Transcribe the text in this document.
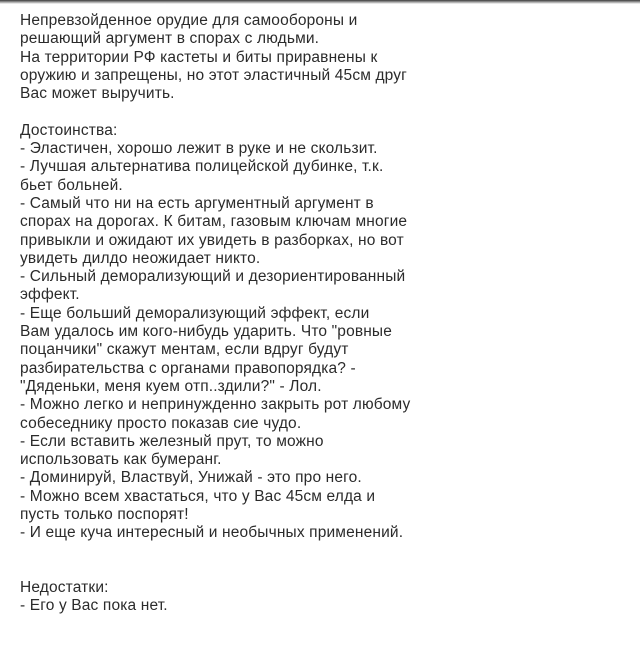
Непревзойденное орудие для самообороны и
решающий аргумент в спорах с людьми.
На территории РФ кастеты и биты приравнены к
оружию и запрещены, но этот эластичный 45см друг
Вас может выручить.
Достоинства:
- Эластичен, хорошо лежит в руке и не скользит.
- Лучшая альтернатива полицейской дубинке, т.к.
бьет больней.
- Самый что ни на есть аргументный аргумент в
спорах на дорогах. К битам, газовым ключам многие
привыкли и ожидают их увидеть в разборках, но вот
увидеть дилдо неожидает никто.
- Сильный деморализующий и дезориентированный
эффект.
- Еще больший деморализующий эффект, если
Вам удалось им кого-нибудь ударить. Что "ровные
поцанчики" скажут ментам, если вдруг будут
разбирательства с органами правопорядка? -
"Дяденьки, меня куем отп..здили?" - Лол.
- Можно легко и непринужденно закрыть рот любому
собеседнику просто показав сие чудо.
- Если вставить железный прут, то можно
использовать как бумеранг.
- Доминируй, Властвуй, Унижай - это про него.
- Можно всем хвастаться, что у Вас 45см елда и
пусть только поспорят!
- И еще куча интересный и необычных применений.
Недостатки:
- Его у Вас пока нет.
